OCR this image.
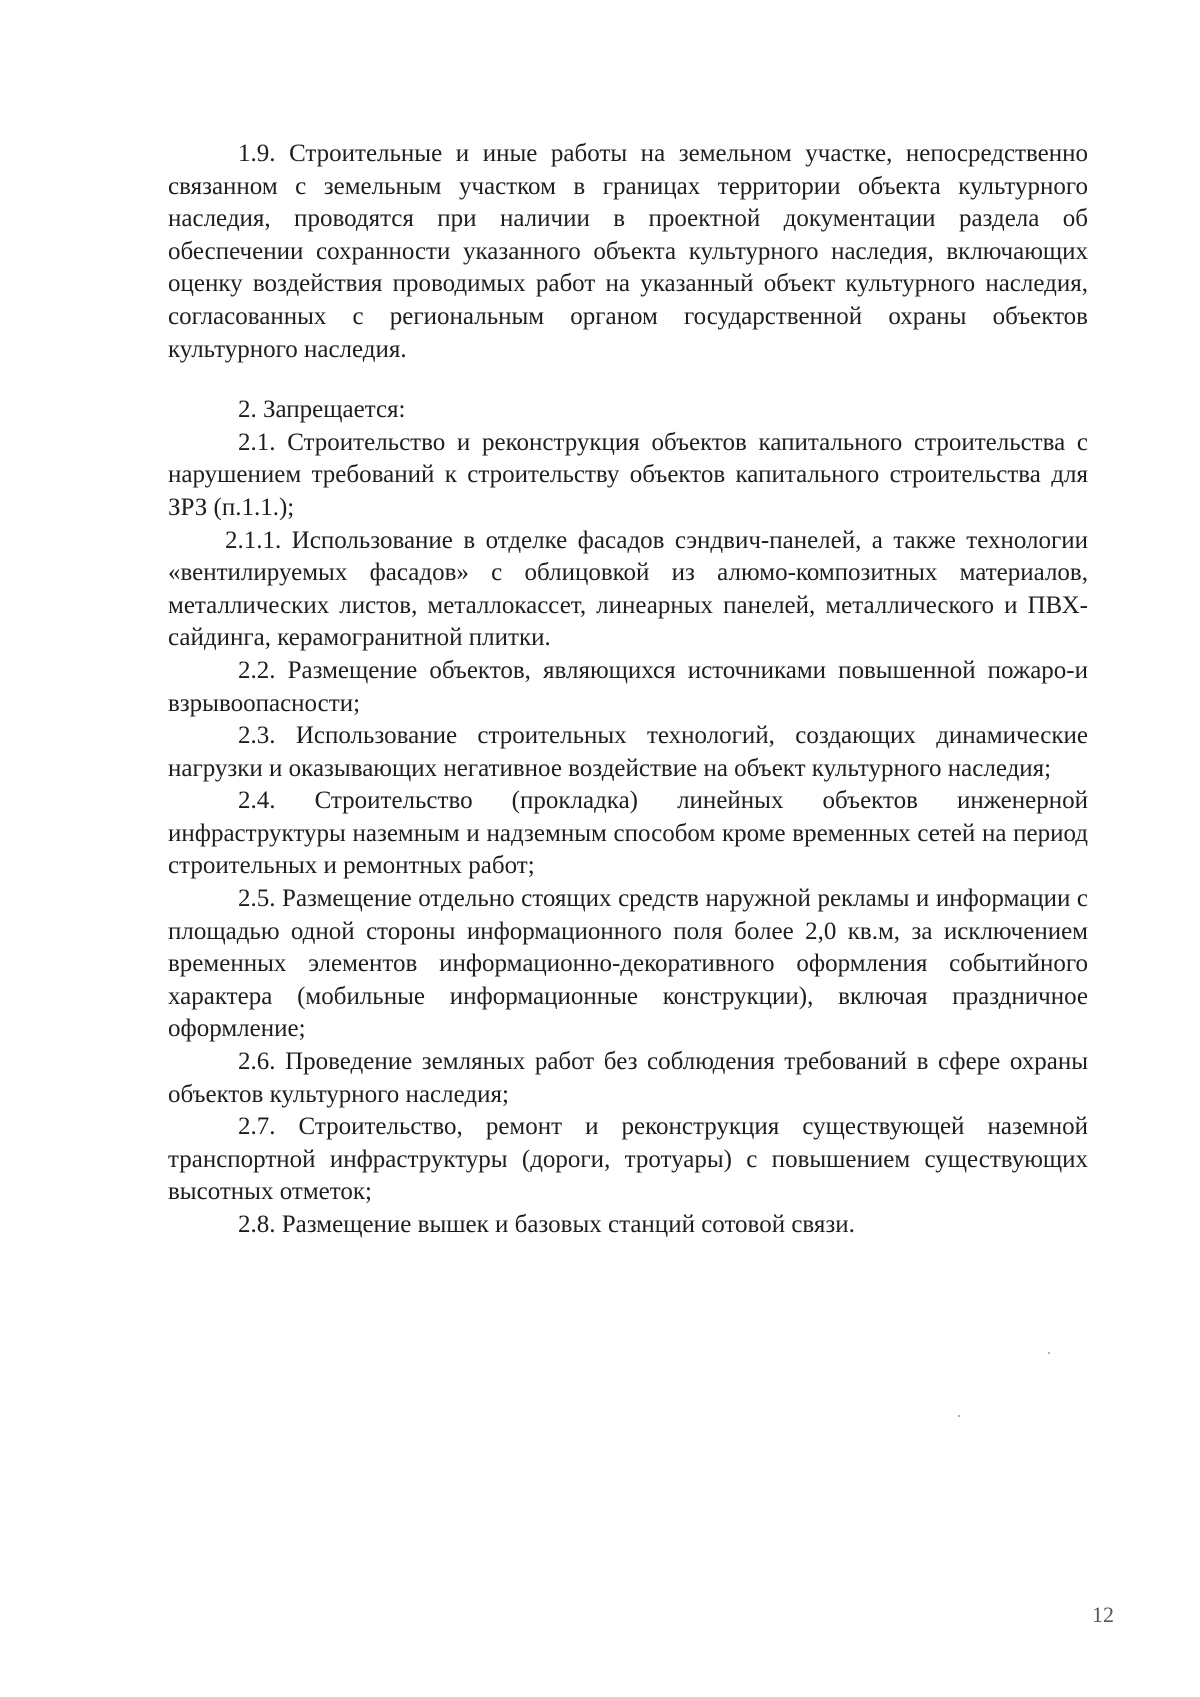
1.9. Строительные и иные работы на земельном участке, непосредственно связанном с земельным участком в границах территории объекта культурного наследия, проводятся при наличии в проектной документации раздела об обеспечении сохранности указанного объекта культурного наследия, включающих оценку воздействия проводимых работ на указанный объект культурного наследия, согласованных с региональным органом государственной охраны объектов культурного наследия.

2. Запрещается:

2.1. Строительство и реконструкция объектов капитального строительства с нарушением требований к строительству объектов капитального строительства для ЗРЗ (п.1.1.);

2.1.1. Использование в отделке фасадов сэндвич-панелей, а также технологии «вентилируемых фасадов» с облицовкой из алюмо-композитных материалов, металлических листов, металлокассет, линеарных панелей, металлического и ПВХ-сайдинга, керамогранитной плитки.

2.2. Размещение объектов, являющихся источниками повышенной пожаро-и взрывоопасности;

2.3. Использование строительных технологий, создающих динамические нагрузки и оказывающих негативное воздействие на объект культурного наследия;

2.4. Строительство (прокладка) линейных объектов инженерной инфраструктуры наземным и надземным способом кроме временных сетей на период строительных и ремонтных работ;

2.5. Размещение отдельно стоящих средств наружной рекламы и информации с площадью одной стороны информационного поля более 2,0 кв.м, за исключением временных элементов информационно-декоративного оформления событийного характера (мобильные информационные конструкции), включая праздничное оформление;

2.6. Проведение земляных работ без соблюдения требований в сфере охраны объектов культурного наследия;

2.7. Строительство, ремонт и реконструкция существующей наземной транспортной инфраструктуры (дороги, тротуары) с повышением существующих высотных отметок;

2.8. Размещение вышек и базовых станций сотовой связи.

12
